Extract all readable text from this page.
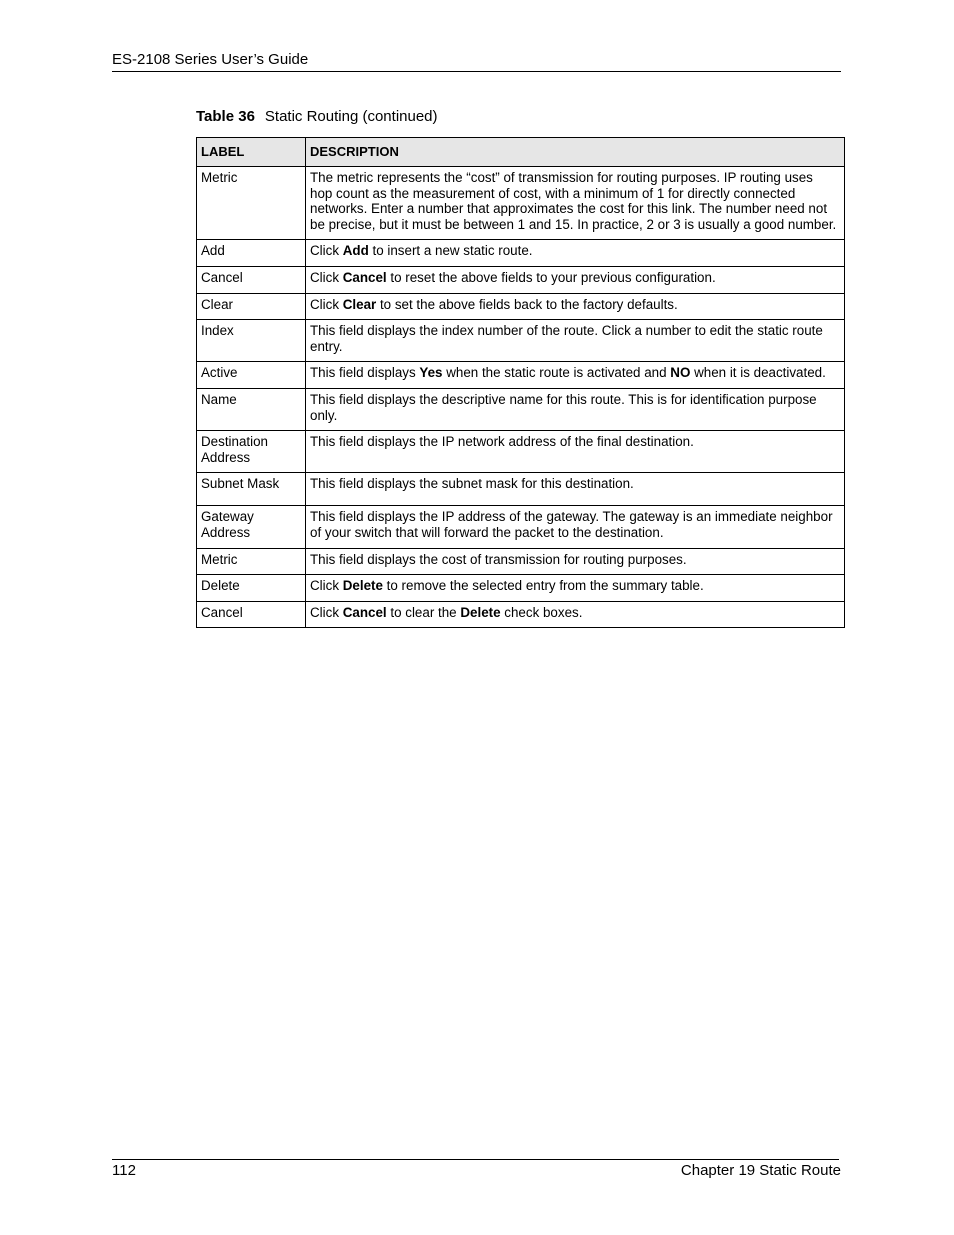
ES-2108 Series User’s Guide
Table 36 Static Routing (continued)
LABEL	DESCRIPTION
Metric	The metric represents the “cost” of transmission for routing purposes. IP routing uses hop count as the measurement of cost, with a minimum of 1 for directly connected networks. Enter a number that approximates the cost for this link. The number need not be precise, but it must be between 1 and 15. In practice, 2 or 3 is usually a good number.
Add	Click Add to insert a new static route.
Cancel	Click Cancel to reset the above fields to your previous configuration.
Clear	Click Clear to set the above fields back to the factory defaults.
Index	This field displays the index number of the route. Click a number to edit the static route entry.
Active	This field displays Yes when the static route is activated and NO when it is deactivated.
Name	This field displays the descriptive name for this route. This is for identification purpose only.
Destination Address	This field displays the IP network address of the final destination.
Subnet Mask	This field displays the subnet mask for this destination.
Gateway Address	This field displays the IP address of the gateway. The gateway is an immediate neighbor of your switch that will forward the packet to the destination.
Metric	This field displays the cost of transmission for routing purposes.
Delete	Click Delete to remove the selected entry from the summary table.
Cancel	Click Cancel to clear the Delete check boxes.
112	Chapter 19 Static Route
